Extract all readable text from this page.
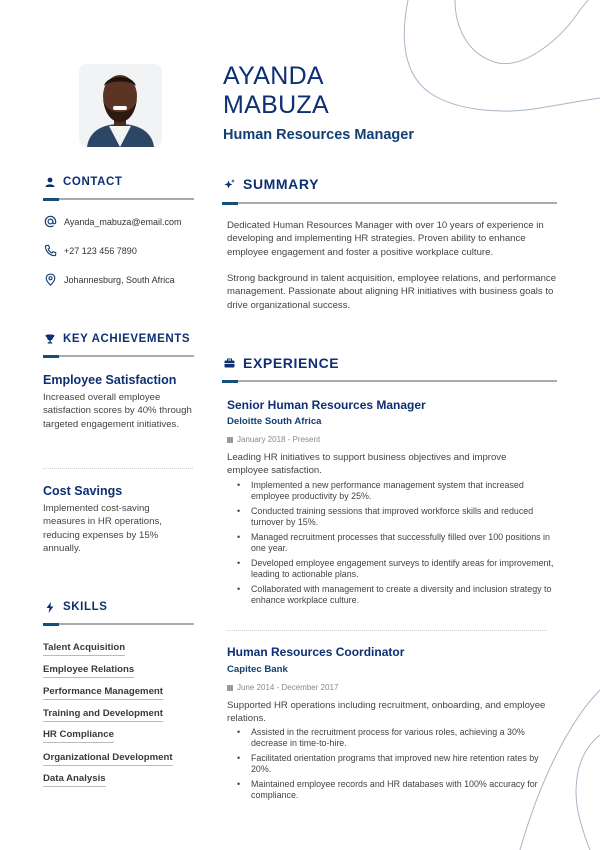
AYANDA
MABUZA
Human Resources Manager
CONTACT
Ayanda_mabuza@email.com
+27 123 456 7890
Johannesburg, South Africa
KEY ACHIEVEMENTS
Employee Satisfaction
Increased overall employee satisfaction scores by 40% through targeted engagement initiatives.
Cost Savings
Implemented cost-saving measures in HR operations, reducing expenses by 15% annually.
SKILLS
Talent Acquisition
Employee Relations
Performance Management
Training and Development
HR Compliance
Organizational Development
Data Analysis
SUMMARY

Dedicated Human Resources Manager with over 10 years of experience in developing and implementing HR strategies. Proven ability to enhance employee engagement and foster a positive workplace culture.

Strong background in talent acquisition, employee relations, and performance management. Passionate about aligning HR initiatives with business goals to drive organizational success.

EXPERIENCE
Senior Human Resources Manager
Deloitte South Africa
January 2018 - Present

Leading HR initiatives to support business objectives and improve employee satisfaction.

• Implemented a new performance management system that increased employee productivity by 25%.
• Conducted training sessions that improved workforce skills and reduced turnover by 15%.
• Managed recruitment processes that successfully filled over 100 positions in one year.
• Developed employee engagement surveys to identify areas for improvement, leading to actionable plans.
• Collaborated with management to create a diversity and inclusion strategy to enhance workplace culture.
Human Resources Coordinator
Capitec Bank
June 2014 - December 2017

Supported HR operations including recruitment, onboarding, and employee relations.

• Assisted in the recruitment process for various roles, achieving a 30% decrease in time-to-hire.
• Facilitated orientation programs that improved new hire retention rates by 20%.
• Maintained employee records and HR databases with 100% accuracy for compliance.
